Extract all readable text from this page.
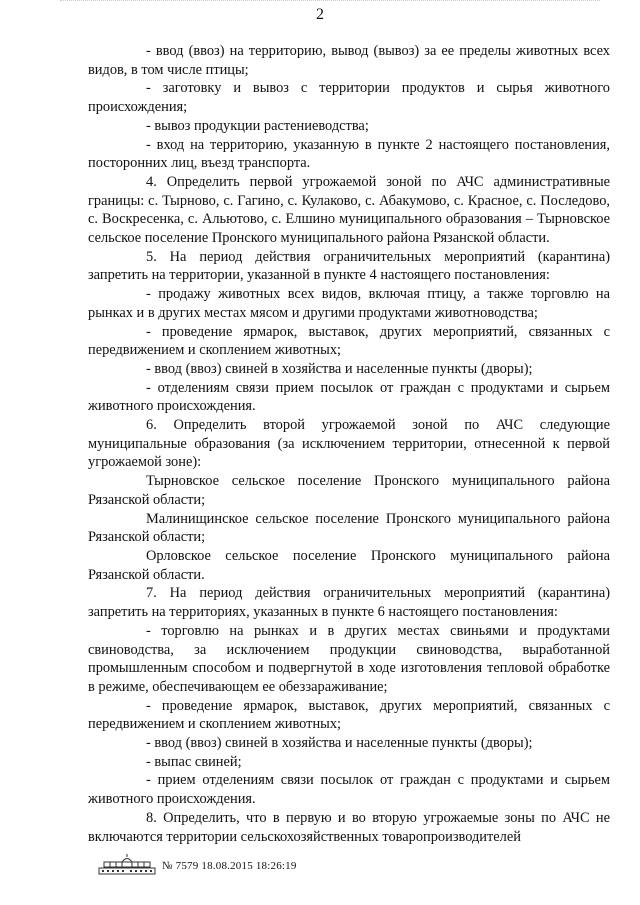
2

- ввод (ввоз) на территорию, вывод (вывоз) за ее пределы животных всех видов, в том числе птицы;

- заготовку и вывоз с территории продуктов и сырья животного происхождения;

- вывоз продукции растениеводства;

- вход на территорию, указанную в пункте 2 настоящего постановления, посторонних лиц, въезд транспорта.

4. Определить первой угрожаемой зоной по АЧС административные границы: с. Тырново, с. Гагино, с. Кулаково, с. Абакумово, с. Красное, с. Последово, с. Воскресенка, с. Альютово, с. Елшино муниципального образования – Тырновское сельское поселение Пронского муниципального района Рязанской области.

5. На период действия ограничительных мероприятий (карантина) запретить на территории, указанной в пункте 4 настоящего постановления:

- продажу животных всех видов, включая птицу, а также торговлю на рынках и в других местах мясом и другими продуктами животноводства;

- проведение ярмарок, выставок, других мероприятий, связанных с передвижением и скоплением животных;

- ввод (ввоз) свиней в хозяйства и населенные пункты (дворы);

- отделениям связи прием посылок от граждан с продуктами и сырьем животного происхождения.

6. Определить второй угрожаемой зоной по АЧС следующие муниципальные образования (за исключением территории, отнесенной к первой угрожаемой зоне):

Тырновское сельское поселение Пронского муниципального района Рязанской области;

Малинищинское сельское поселение Пронского муниципального района Рязанской области;

Орловское сельское поселение Пронского муниципального района Рязанской области.

7. На период действия ограничительных мероприятий (карантина) запретить на территориях, указанных в пункте 6 настоящего постановления:

- торговлю на рынках и в других местах свиньями и продуктами свиноводства, за исключением продукции свиноводства, выработанной промышленным способом и подвергнутой в ходе изготовления тепловой обработке в режиме, обеспечивающем ее обеззараживание;

- проведение ярмарок, выставок, других мероприятий, связанных с передвижением и скоплением животных;

- ввод (ввоз) свиней в хозяйства и населенные пункты (дворы);

- выпас свиней;

- прием отделениям связи посылок от граждан с продуктами и сырьем животного происхождения.

8. Определить, что в первую и во вторую угрожаемые зоны по АЧС не включаются территории сельскохозяйственных товаропроизводителей

№ 7579 18.08.2015 18:26:19
